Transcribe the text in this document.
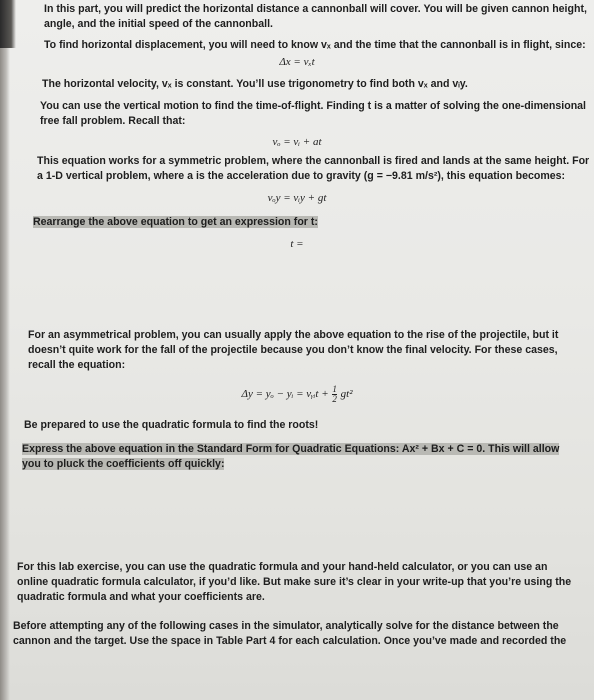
In this part, you will predict the horizontal distance a cannonball will cover. You will be given cannon height,
angle, and the initial speed of the cannonball.
To find horizontal displacement, you will need to know vₓ and the time that the cannonball is in flight, since:
Δx = vₓt
The horizontal velocity, vₓ is constant. You’ll use trigonometry to find both vₓ and vᵢy.
You can use the vertical motion to find the time-of-flight. Finding t is a matter of solving the one-dimensional
free fall problem. Recall that:
vₒ = vᵢ + at
This equation works for a symmetric problem, where the cannonball is fired and lands at the same height. For
a 1-D vertical problem, where a is the acceleration due to gravity (g = −9.81 m/s²), this equation becomes:
vₒy = vᵢy + gt
Rearrange the above equation to get an expression for t:
t =
For an asymmetrical problem, you can usually apply the above equation to the rise of the projectile, but it
doesn’t quite work for the fall of the projectile because you don’t know the final velocity. For these cases,
recall the equation:
Δy = yₒ − yᵢ = vᵧᵢt + $\frac{1}{2} gt^2$
Be prepared to use the quadratic formula to find the roots!
Express the above equation in the Standard Form for Quadratic Equations: Ax² + Bx + C = 0. This will allow
you to pluck the coefficients off quickly:
For this lab exercise, you can use the quadratic formula and your hand-held calculator, or you can use an
online quadratic formula calculator, if you’d like. But make sure it’s clear in your write-up that you’re using the
quadratic formula and what your coefficients are.
Before attempting any of the following cases in the simulator, analytically solve for the distance between the
cannon and the target. Use the space in Table Part 4 for each calculation. Once you’ve made and recorded the
